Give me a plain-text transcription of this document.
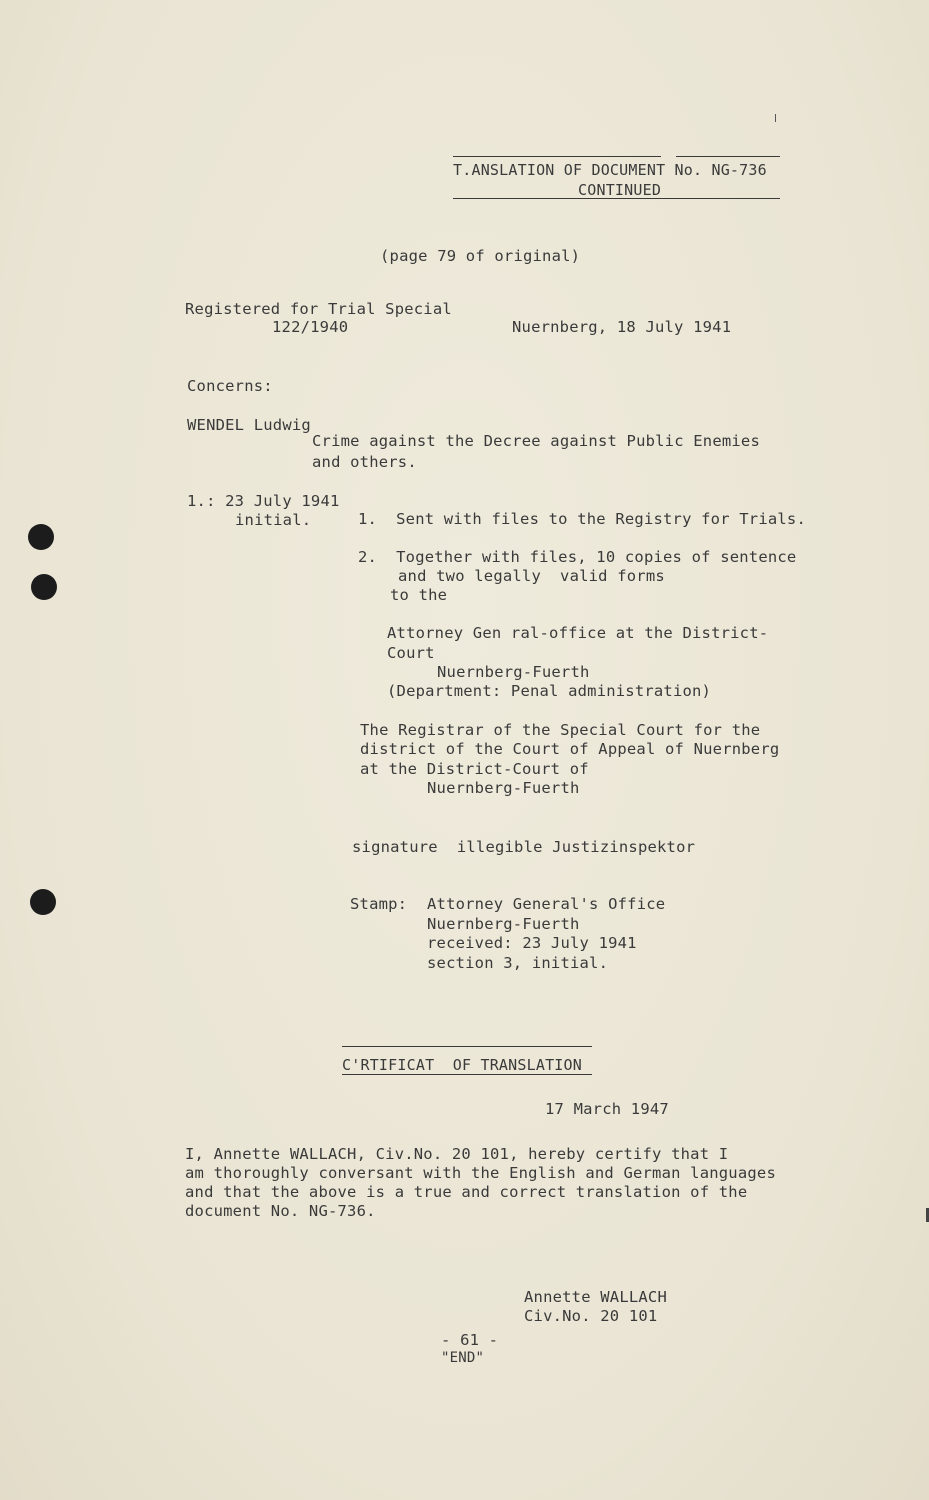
T.ANSLATION OF DOCUMENT No. NG-736
CONTINUED
(page 79 of original)
Registered for Trial Special
122/1940	Nuernberg, 18 July 1941
Concerns:
WENDEL Ludwig
Crime against the Decree against Public Enemies
and others.
1.: 23 July 1941
initial.	1.  Sent with files to the Registry for Trials.
2.  Together with files, 10 copies of sentence
and two legally  valid forms
to the
Attorney Gen ral-office at the District-
Court
Nuernberg-Fuerth
(Department: Penal administration)
The Registrar of the Special Court for the
district of the Court of Appeal of Nuernberg
at the District-Court of
Nuernberg-Fuerth
signature  illegible Justizinspektor
Stamp: Attorney General's Office
Nuernberg-Fuerth
received: 23 July 1941
section 3, initial.
C'RTIFICAT  OF TRANSLATION
17 March 1947
I, Annette WALLACH, Civ.No. 20 101, hereby certify that I
am thoroughly conversant with the English and German languages
and that the above is a true and correct translation of the
document No. NG-736.
Annette WALLACH
Civ.No. 20 101
- 61 -
"END"
